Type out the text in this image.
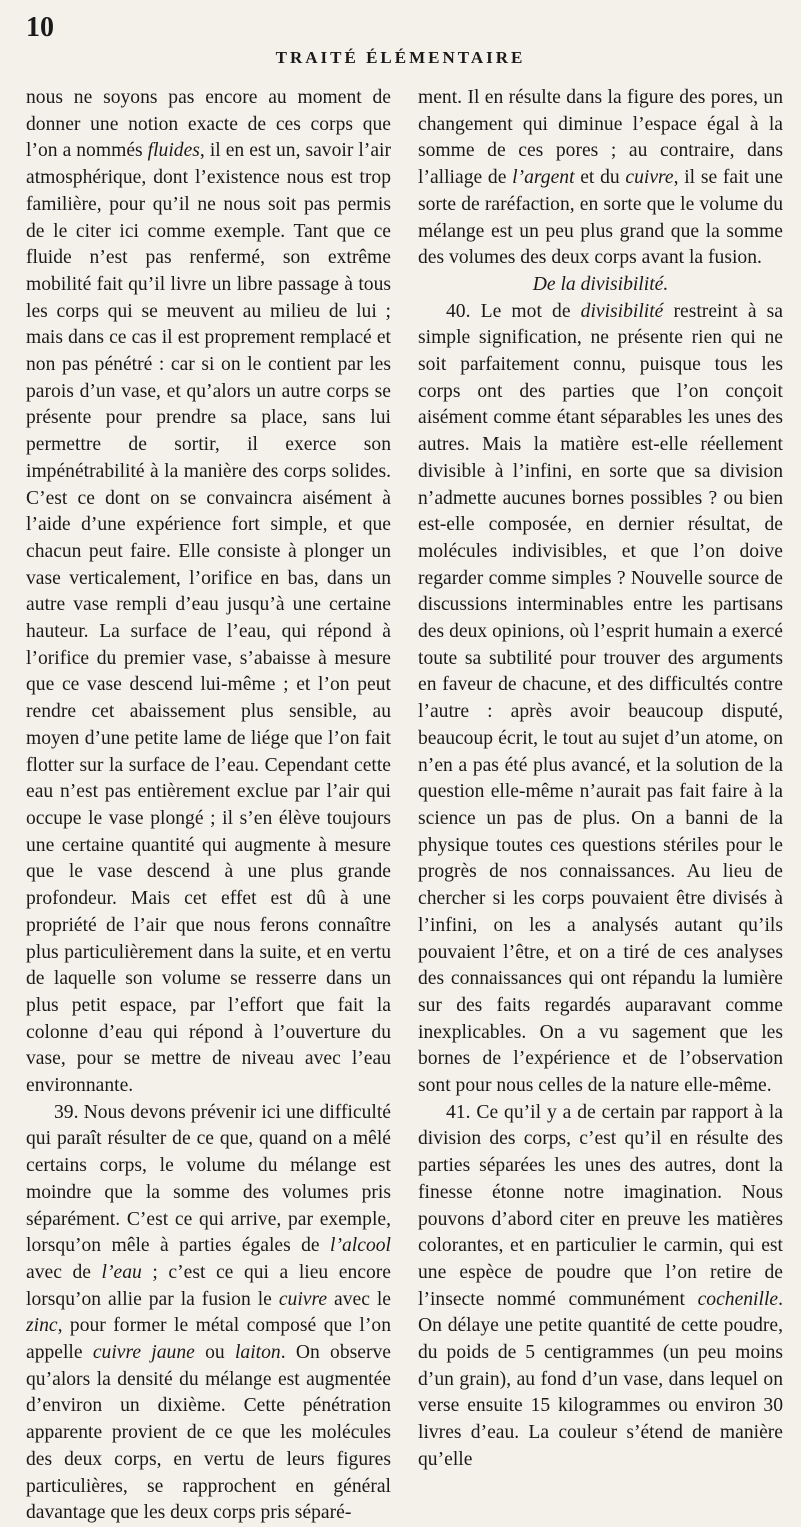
10
TRAITÉ ÉLÉMENTAIRE

nous ne soyons pas encore au moment de donner une notion exacte de ces corps que l’on a nommés fluides, il en est un, savoir l’air atmosphérique, dont l’existence nous est trop familière, pour qu’il ne nous soit pas permis de le citer ici comme exemple. Tant que ce fluide n’est pas renfermé, son extrême mobilité fait qu’il livre un libre passage à tous les corps qui se meuvent au milieu de lui ; mais dans ce cas il est proprement remplacé et non pas pénétré : car si on le contient par les parois d’un vase, et qu’alors un autre corps se présente pour prendre sa place, sans lui permettre de sortir, il exerce son impénétrabilité à la manière des corps solides. C’est ce dont on se convaincra aisément à l’aide d’une expérience fort simple, et que chacun peut faire. Elle consiste à plonger un vase verticalement, l’orifice en bas, dans un autre vase rempli d’eau jusqu’à une certaine hauteur. La surface de l’eau, qui répond à l’orifice du premier vase, s’abaisse à mesure que ce vase descend lui-même ; et l’on peut rendre cet abaissement plus sensible, au moyen d’une petite lame de liége que l’on fait flotter sur la surface de l’eau. Cependant cette eau n’est pas entièrement exclue par l’air qui occupe le vase plongé ; il s’en élève toujours une certaine quantité qui augmente à mesure que le vase descend à une plus grande profondeur. Mais cet effet est dû à une propriété de l’air que nous ferons connaître plus particulièrement dans la suite, et en vertu de laquelle son volume se resserre dans un plus petit espace, par l’effort que fait la colonne d’eau qui répond à l’ouverture du vase, pour se mettre de niveau avec l’eau environnante.

39. Nous devons prévenir ici une difficulté qui paraît résulter de ce que, quand on a mêlé certains corps, le volume du mélange est moindre que la somme des volumes pris séparément. C’est ce qui arrive, par exemple, lorsqu’on mêle à parties égales de l’alcool avec de l’eau ; c’est ce qui a lieu encore lorsqu’on allie par la fusion le cuivre avec le zinc, pour former le métal composé que l’on appelle cuivre jaune ou laiton. On observe qu’alors la densité du mélange est augmentée d’environ un dixième. Cette pénétration apparente provient de ce que les molécules des deux corps, en vertu de leurs figures particulières, se rapprochent en général davantage que les deux corps pris séparé-

ment. Il en résulte dans la figure des pores, un changement qui diminue l’espace égal à la somme de ces pores ; au contraire, dans l’alliage de l’argent et du cuivre, il se fait une sorte de raréfaction, en sorte que le volume du mélange est un peu plus grand que la somme des volumes des deux corps avant la fusion.

De la divisibilité.

40. Le mot de divisibilité restreint à sa simple signification, ne présente rien qui ne soit parfaitement connu, puisque tous les corps ont des parties que l’on conçoit aisément comme étant séparables les unes des autres. Mais la matière est-elle réellement divisible à l’infini, en sorte que sa division n’admette aucunes bornes possibles ? ou bien est-elle composée, en dernier résultat, de molécules indivisibles, et que l’on doive regarder comme simples ? Nouvelle source de discussions interminables entre les partisans des deux opinions, où l’esprit humain a exercé toute sa subtilité pour trouver des arguments en faveur de chacune, et des difficultés contre l’autre : après avoir beaucoup disputé, beaucoup écrit, le tout au sujet d’un atome, on n’en a pas été plus avancé, et la solution de la question elle-même n’aurait pas fait faire à la science un pas de plus. On a banni de la physique toutes ces questions stériles pour le progrès de nos connaissances. Au lieu de chercher si les corps pouvaient être divisés à l’infini, on les a analysés autant qu’ils pouvaient l’être, et on a tiré de ces analyses des connaissances qui ont répandu la lumière sur des faits regardés auparavant comme inexplicables. On a vu sagement que les bornes de l’expérience et de l’observation sont pour nous celles de la nature elle-même.

41. Ce qu’il y a de certain par rapport à la division des corps, c’est qu’il en résulte des parties séparées les unes des autres, dont la finesse étonne notre imagination. Nous pouvons d’abord citer en preuve les matières colorantes, et en particulier le carmin, qui est une espèce de poudre que l’on retire de l’insecte nommé communément cochenille. On délaye une petite quantité de cette poudre, du poids de 5 centigrammes (un peu moins d’un grain), au fond d’un vase, dans lequel on verse ensuite 15 kilogrammes ou environ 30 livres d’eau. La couleur s’étend de manière qu’elle
